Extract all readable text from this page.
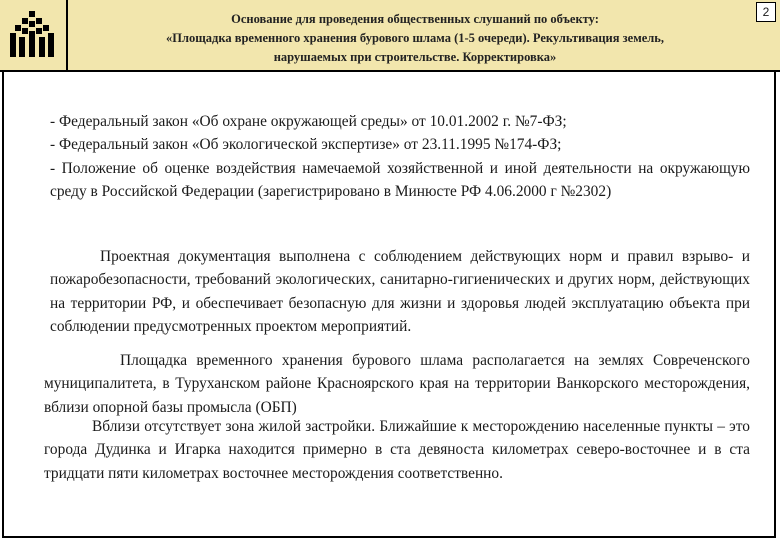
Основание для проведения общественных слушаний по объекту:
«Площадка временного хранения бурового шлама (1-5 очереди). Рекультивация земель,
нарушаемых при строительстве. Корректировка»
2

- Федеральный закон «Об охране окружающей среды» от 10.01.2002 г. №7-ФЗ;

- Федеральный закон «Об экологической экспертизе» от 23.11.1995 №174-ФЗ;

- Положение об оценке воздействия намечаемой хозяйственной и иной деятельности на окружающую среду в Российской Федерации (зарегистрировано в Минюсте РФ 4.06.2000 г №2302)

Проектная документация выполнена с соблюдением действующих норм и правил взрыво- и пожаробезопасности, требований экологических, санитарно-гигиенических и других норм, действующих на территории РФ, и обеспечивает безопасную для жизни и здоровья людей эксплуатацию объекта при соблюдении предусмотренных проектом мероприятий.

Площадка временного хранения бурового шлама располагается на землях Совреченского муниципалитета, в Туруханском районе Красноярского края на территории Ванкорского месторождения, вблизи опорной базы промысла (ОБП)

Вблизи отсутствует зона жилой застройки. Ближайшие к месторождению населенные пункты – это города Дудинка и Игарка находится примерно в ста девяноста километрах северо-восточнее и в ста тридцати пяти километрах восточнее месторождения соответственно.
